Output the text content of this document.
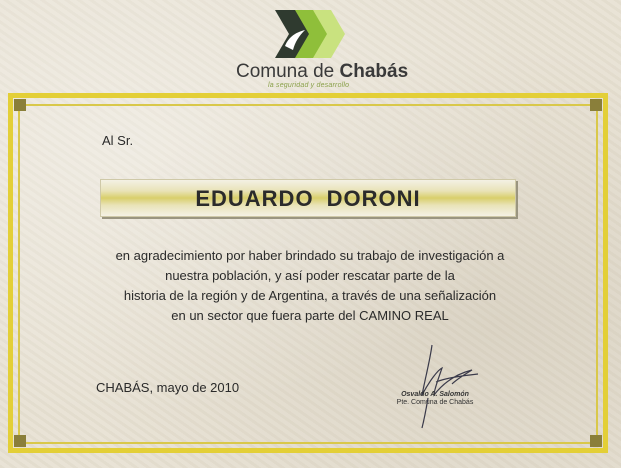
Comuna de Chabás
la seguridad y desarrollo
Al Sr.
EDUARDO DORONI
en agradecimiento por haber brindado su trabajo de investigación a
nuestra población, y así poder rescatar parte de la
historia de la región y de Argentina, a través de una señalización
en un sector que fuera parte del CAMINO REAL
CHABÁS, mayo de 2010	Osvaldo A. Salomón
Pte. Comuna de Chabás
